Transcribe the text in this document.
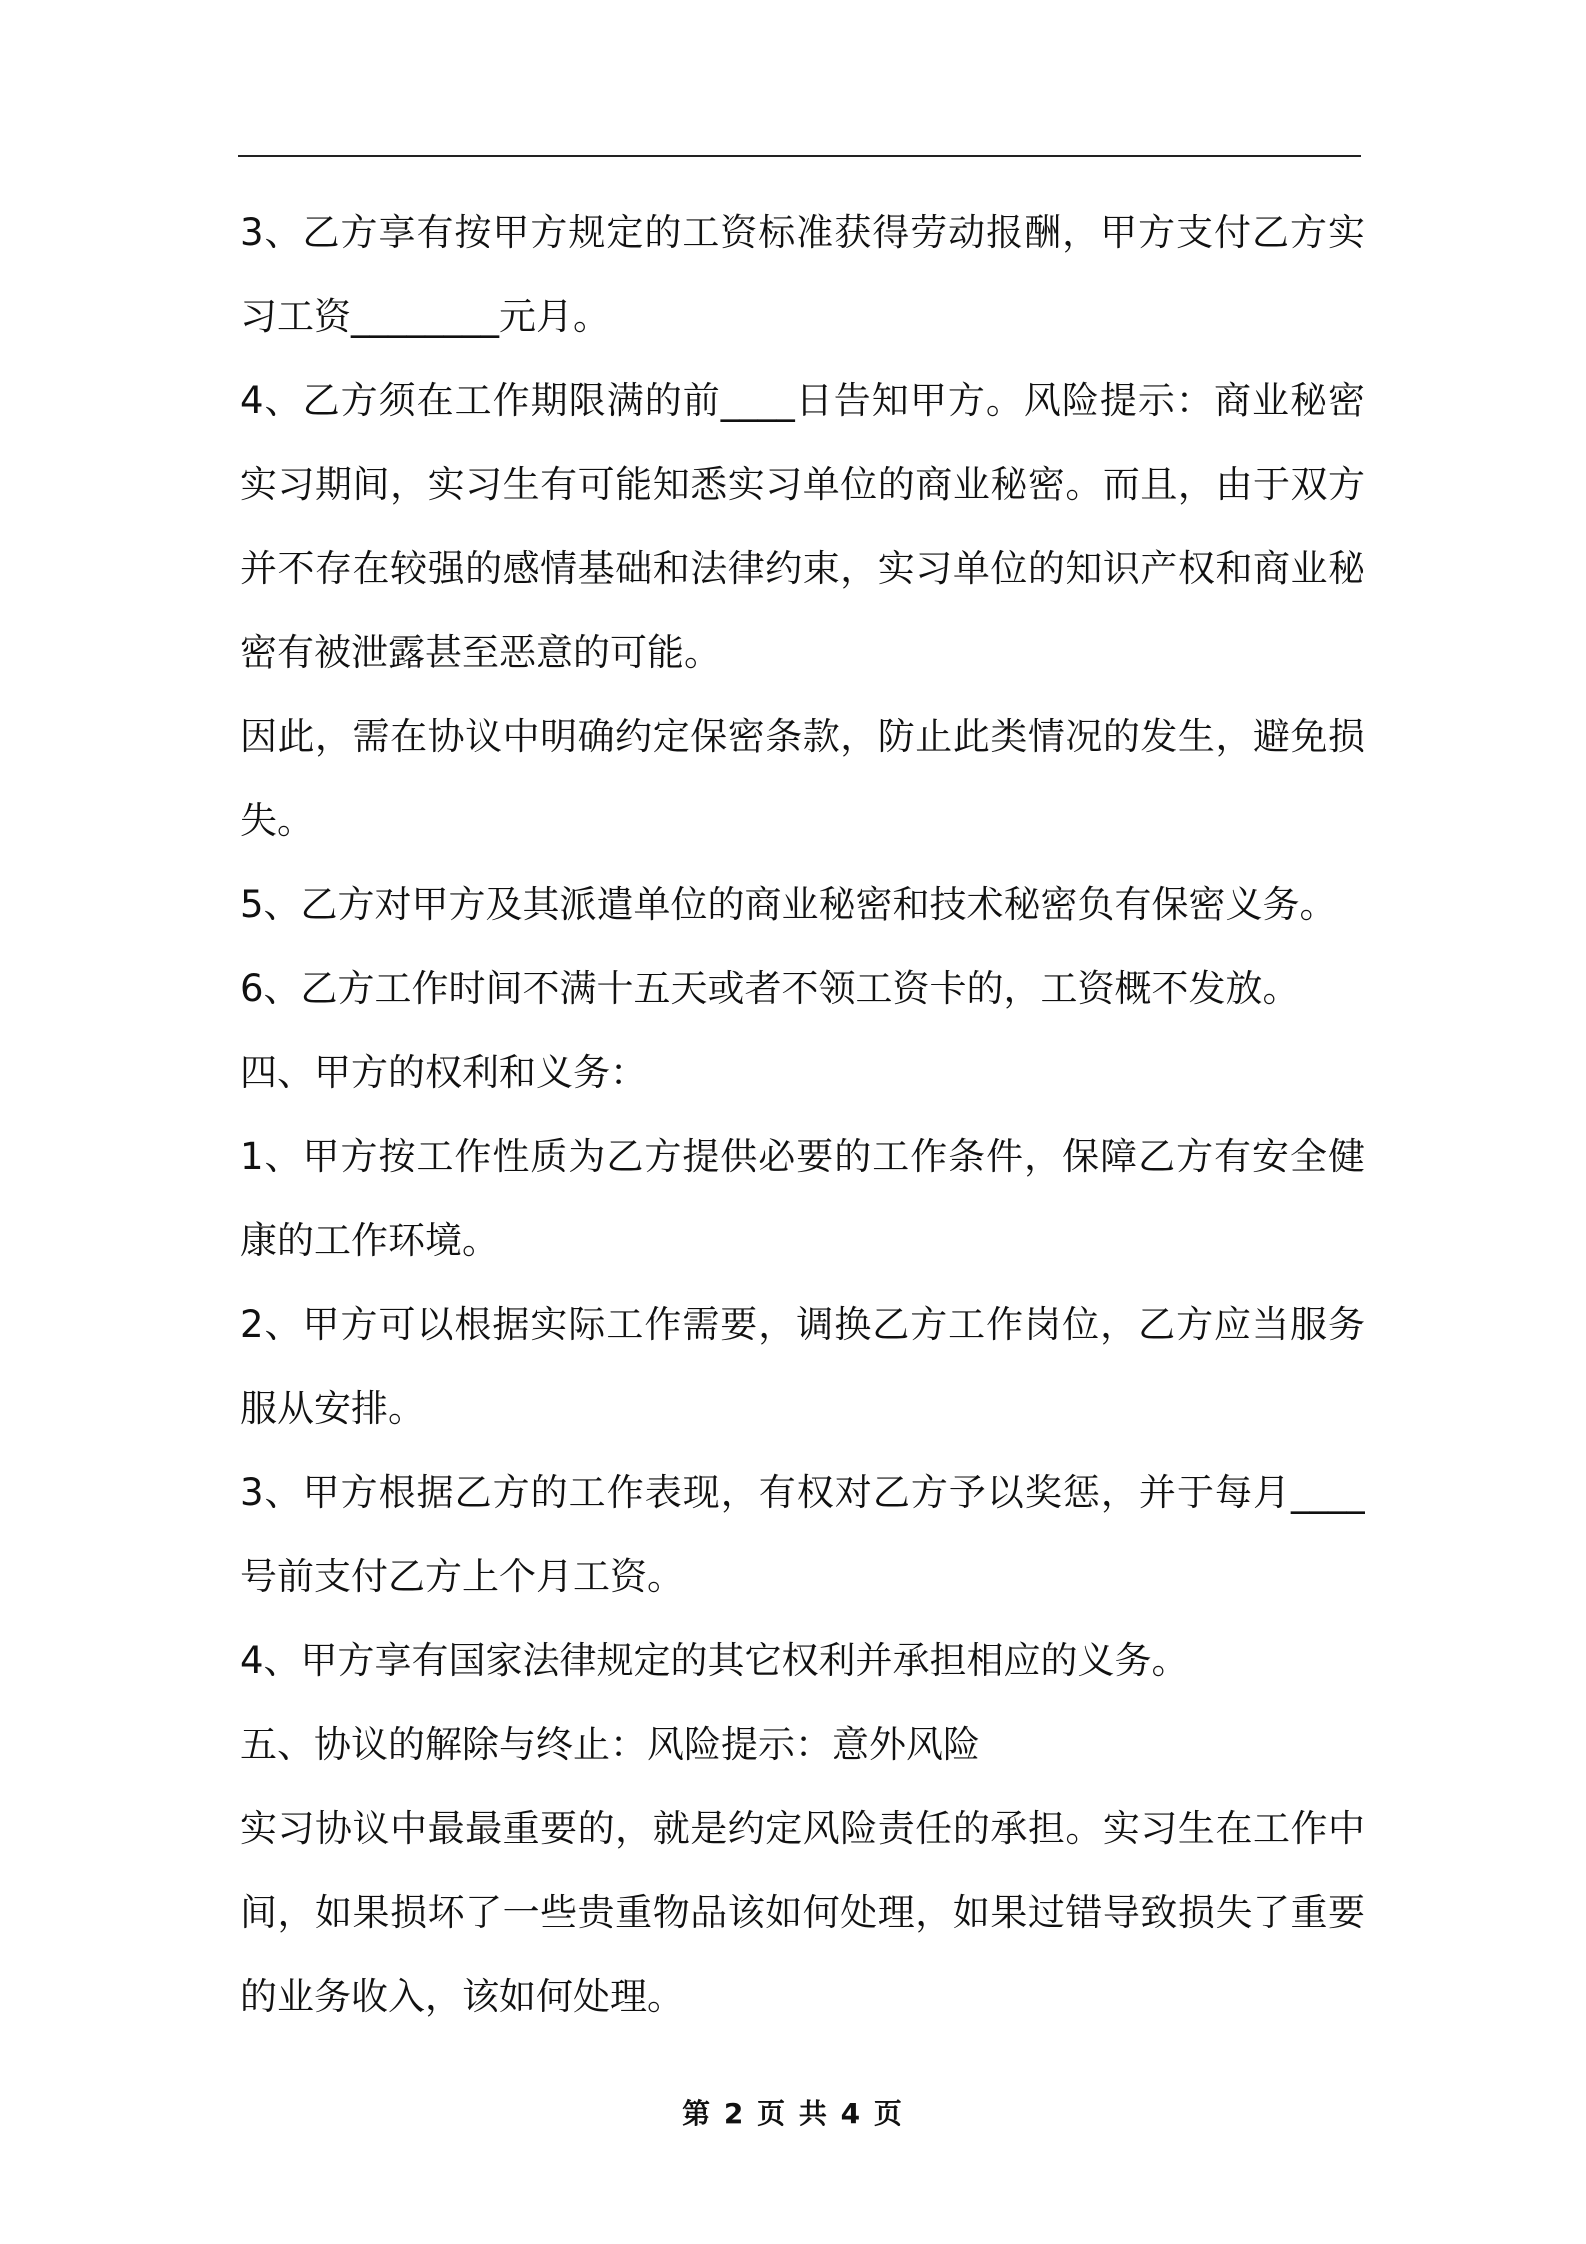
3、乙方享有按甲方规定的工资标准获得劳动报酬，甲方支付乙方实
习工资________元月。
4、乙方须在工作期限满的前____日告知甲方。风险提示：商业秘密
实习期间，实习生有可能知悉实习单位的商业秘密。而且，由于双方
并不存在较强的感情基础和法律约束，实习单位的知识产权和商业秘
密有被泄露甚至恶意的可能。
因此，需在协议中明确约定保密条款，防止此类情况的发生，避免损
失。
5、乙方对甲方及其派遣单位的商业秘密和技术秘密负有保密义务。
6、乙方工作时间不满十五天或者不领工资卡的，工资概不发放。
四、甲方的权利和义务：
1、甲方按工作性质为乙方提供必要的工作条件，保障乙方有安全健
康的工作环境。
2、甲方可以根据实际工作需要，调换乙方工作岗位，乙方应当服务
服从安排。
3、甲方根据乙方的工作表现，有权对乙方予以奖惩，并于每月____
号前支付乙方上个月工资。
4、甲方享有国家法律规定的其它权利并承担相应的义务。
五、协议的解除与终止：风险提示：意外风险
实习协议中最最重要的，就是约定风险责任的承担。实习生在工作中
间，如果损坏了一些贵重物品该如何处理，如果过错导致损失了重要
的业务收入，该如何处理。
第 2 页 共 4 页
